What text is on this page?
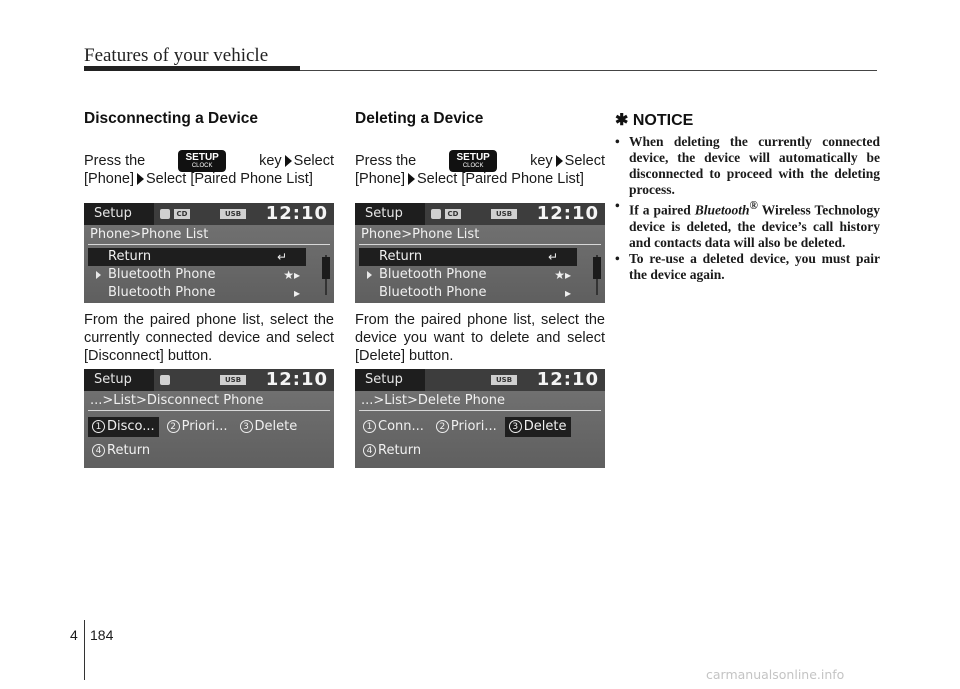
Features of your vehicle
Disconnecting a Device
Press the	SETUP
CLOCK	key Select
[Phone] Select [Paired Phone List]
Setup	CD	USB 12:10
Phone>Phone List
Return	↵
Bluetooth Phone	★▸
Bluetooth Phone	▸
From the paired phone list, select the currently connected device and select [Disconnect] button.
Setup	USB 12:10
...>List>Disconnect Phone
1 Disco...	2 Priori...	3 Delete
4 Return
Deleting a Device
Press the	SETUP
CLOCK	key Select
[Phone] Select [Paired Phone List]
Setup	CD	USB 12:10
Phone>Phone List
Return	↵
Bluetooth Phone	★▸
Bluetooth Phone	▸
From the paired phone list, select the device you want to delete and select [Delete] button.
Setup	USB 12:10
...>List>Delete Phone
1 Conn...	2 Priori...	3 Delete
4 Return
✱ NOTICE
• When deleting the currently connected device, the device will automatically be disconnected to proceed with the deleting process.
• If a paired Bluetooth® Wireless Technology device is deleted, the device’s call history and contacts data will also be deleted.
• To re-use a deleted device, you must pair the device again.
4 184
carmanualsonline.info
